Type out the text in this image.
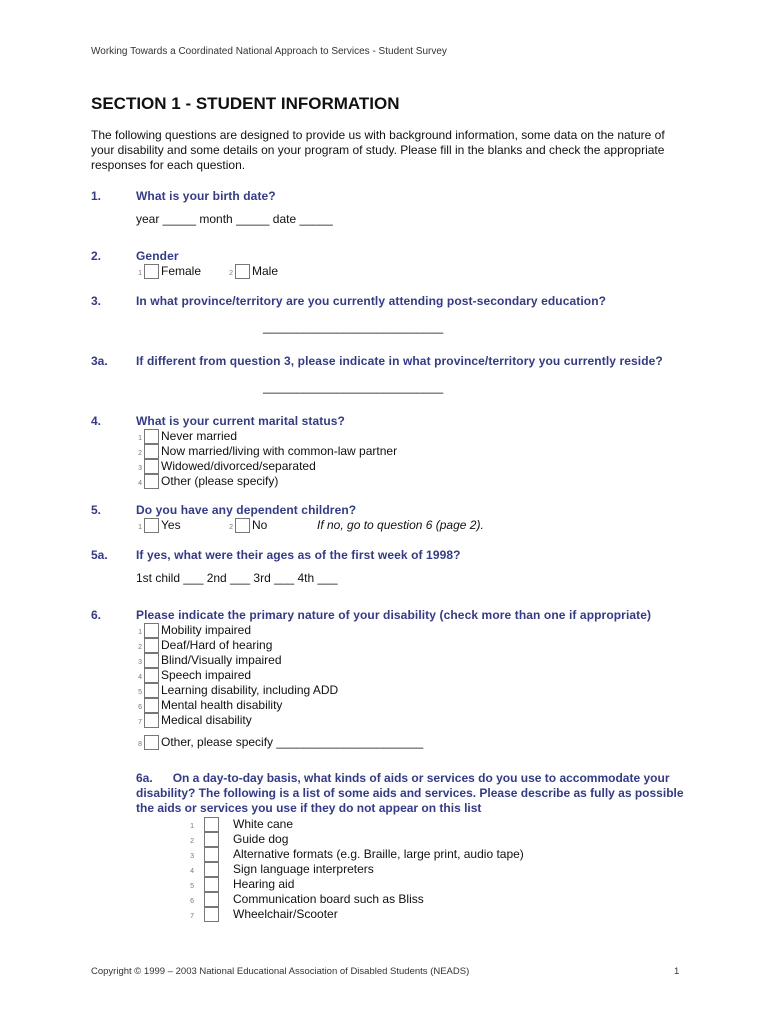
Working Towards a Coordinated National Approach to Services - Student Survey
SECTION 1 - STUDENT INFORMATION
The following questions are designed to provide us with background information, some data on the nature of your disability and some details on your program of study. Please fill in the blanks and check the appropriate responses for each question.
1.	What is your birth date?
year _____ month _____ date _____
2.	Gender
1 Female	2 Male
3.	In what province/territory are you currently attending post-secondary education?
___________________________
3a. If different from question 3, please indicate in what province/territory you currently reside?
___________________________
4.	What is your current marital status?
1 Never married
2 Now married/living with common-law partner
3 Widowed/divorced/separated
4 Other (please specify)
5.	Do you have any dependent children?
1 Yes	2 No	If no, go to question 6 (page 2).
5a. If yes, what were their ages as of the first week of 1998?
1st child ___ 2nd ___ 3rd ___ 4th ___
6.	Please indicate the primary nature of your disability (check more than one if appropriate)
1 Mobility impaired
2 Deaf/Hard of hearing
3 Blind/Visually impaired
4 Speech impaired
5 Learning disability, including ADD
6 Mental health disability
7 Medical disability
8 Other, please specify ______________________
6a. On a day-to-day basis, what kinds of aids or services do you use to accommodate your disability? The following is a list of some aids and services. Please describe as fully as possible the aids or services you use if they do not appear on this list
1	White cane
2	Guide dog
3	Alternative formats (e.g. Braille, large print, audio tape)
4	Sign language interpreters
5	Hearing aid
6	Communication board such as Bliss
7	Wheelchair/Scooter
Copyright © 1999 – 2003 National Educational Association of Disabled Students (NEADS)	1
